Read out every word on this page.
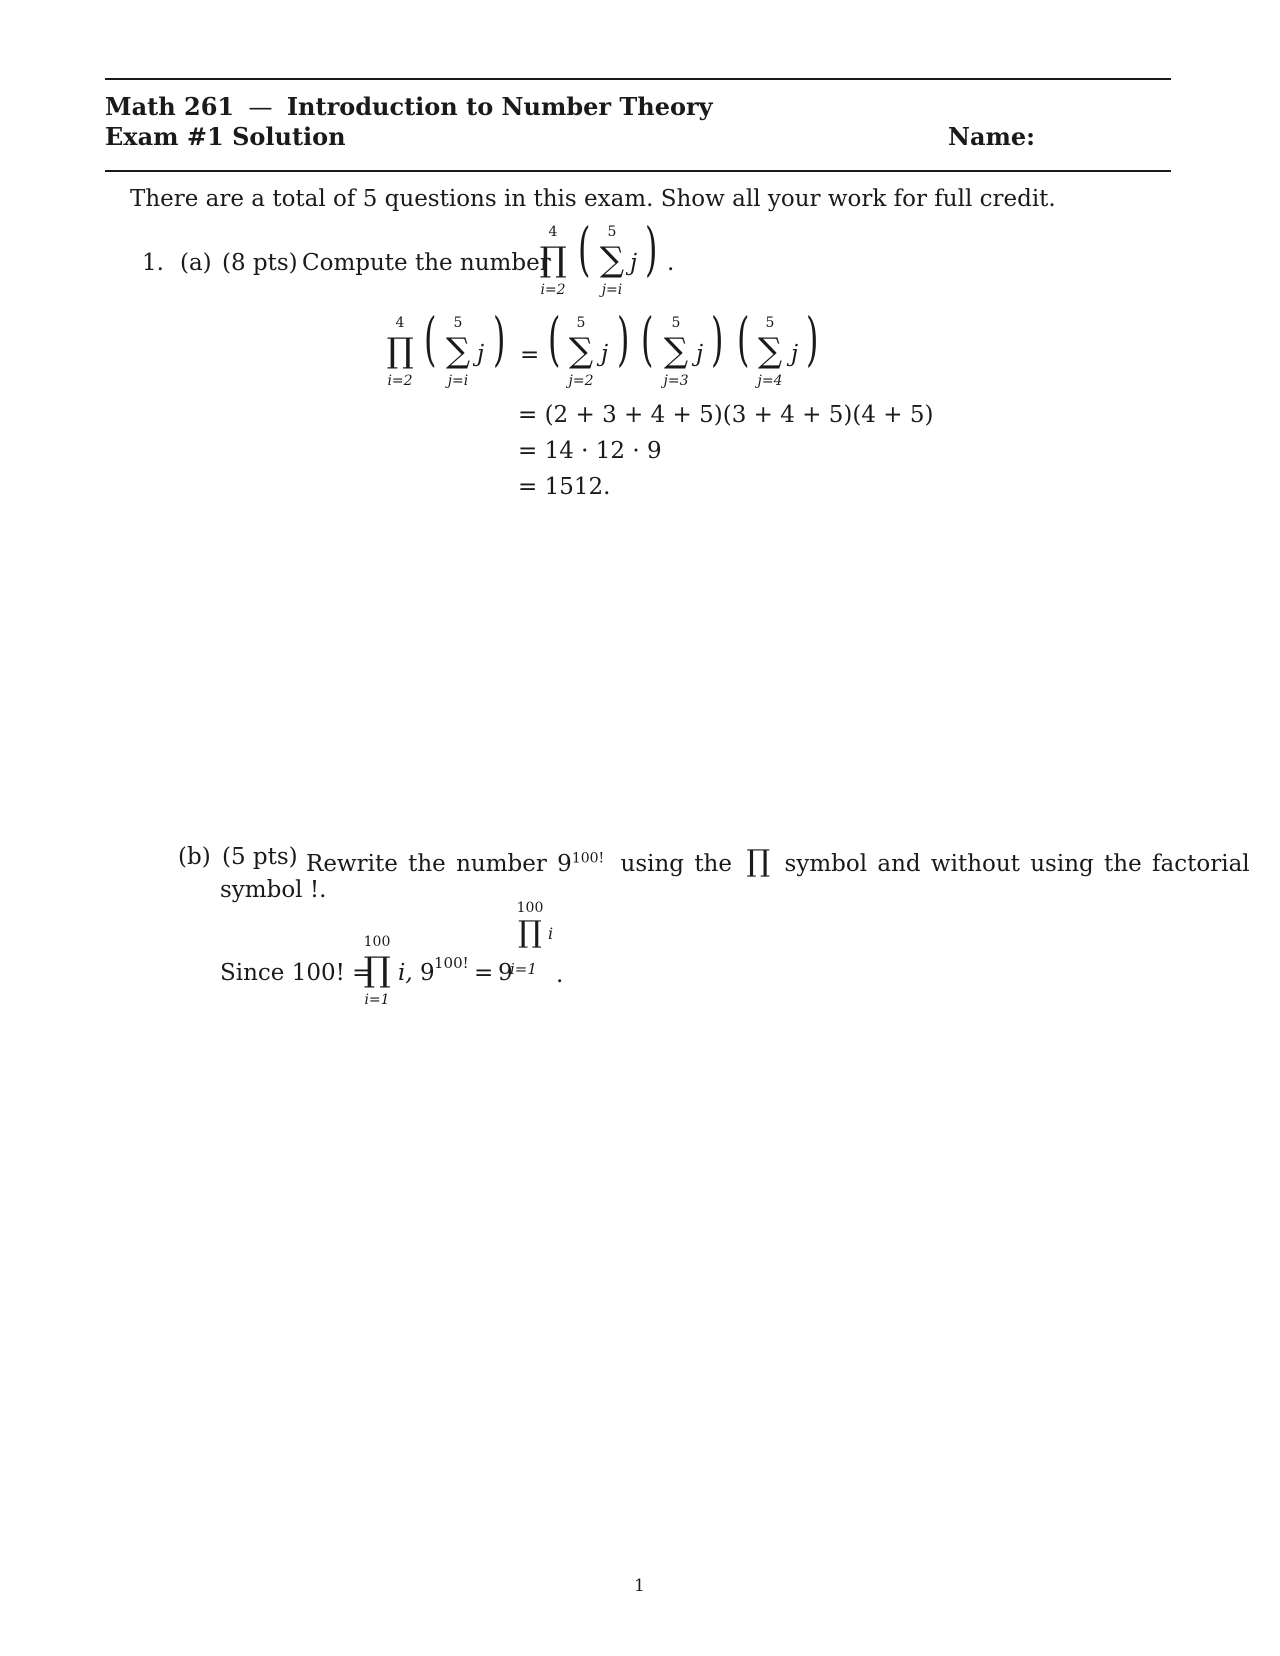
Math 261 — Introduction to Number Theory
Exam #1 Solution	Name:
There are a total of 5 questions in this exam. Show all your work for full credit.
1. (a) (8 pts) Compute the number
4
∏
i=2
(	5
∑
j=i
j ) .
4
∏
i=2
(	5
∑
j=i
j ) = (	5
∑
j=2
j ) (	5
∑
j=3
j ) (	5
∑
j=4
j )
= (2 + 3 + 4 + 5)(3 + 4 + 5)(4 + 5)
= 14 · 12 · 9
= 1512.
(b) (5 pts) Rewrite the number $9^{100!}$ using the ∏ symbol and without using the factorial
symbol !.
Since 100! =
100
∏
i=1
i, 9 100! = 9
100
∏ i
i=1 .
1
